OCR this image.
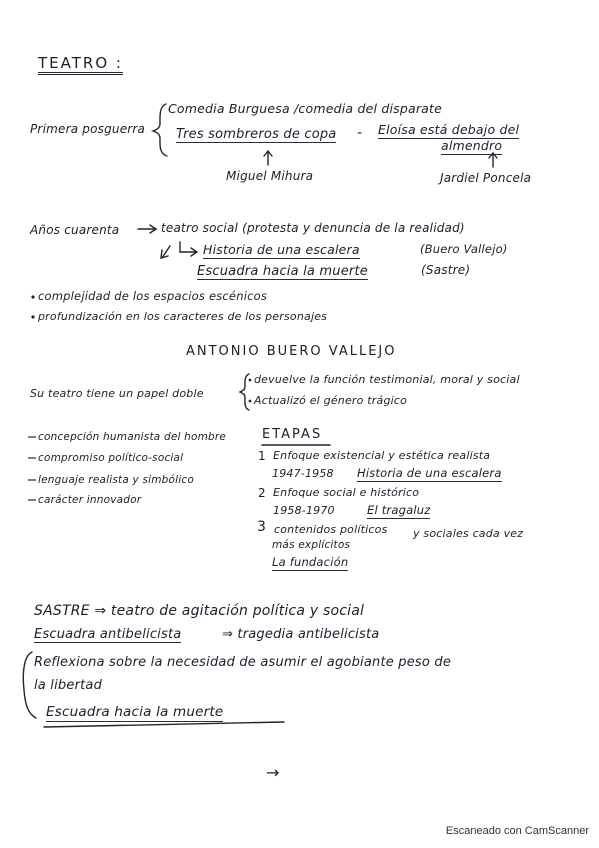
TEATRO :
Primera posguerra
Comedia Burguesa /comedia del disparate
Tres sombreros de copa - Eloísa está debajo del
almendro
Miguel Mihura	Jardiel Poncela
Años cuarenta	teatro social (protesta y denuncia de la realidad)
Historia de una escalera	(Buero Vallejo)
Escuadra hacia la muerte	(Sastre)
complejidad de los espacios escénicos
profundización en los caracteres de los personajes
ANTONIO BUERO VALLEJO
Su teatro tiene un papel doble
devuelve la función testimonial, moral y social
Actualizó el género trágico
concepción humanista del hombre
compromiso político-social
lenguaje realista y simbólico
carácter innovador
ETAPAS
1 Enfoque existencial y estética realista
1947-1958 Historia de una escalera
2 Enfoque social e histórico
1958-1970	El tragaluz
3 contenidos políticos y sociales cada vez
más explícitos
La fundación
SASTRE ⇒ teatro de agitación política y social
Escuadra antibelicista	⇒ tragedia antibelicista
Reflexiona sobre la necesidad de asumir el agobiante peso de
la libertad
Escuadra hacia la muerte
→
Escaneado con CamScanner
